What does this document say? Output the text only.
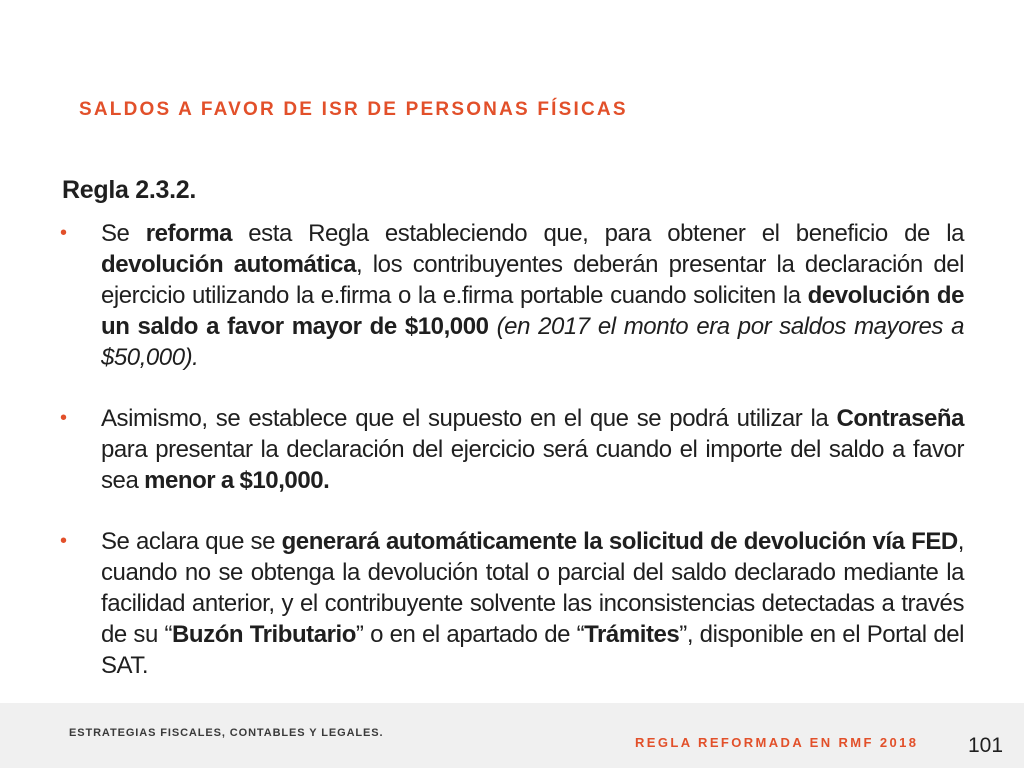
SALDOS A FAVOR DE ISR DE PERSONAS FÍSICAS
Regla 2.3.2.
• Se reforma esta Regla estableciendo que, para obtener el beneficio de la devolución automática, los contribuyentes deberán presentar la declaración del ejercicio utilizando la e.firma o la e.firma portable cuando soliciten la devolución de un saldo a favor mayor de $10,000 (en 2017 el monto era por saldos mayores a $50,000).
• Asimismo, se establece que el supuesto en el que se podrá utilizar la Contraseña para presentar la declaración del ejercicio será cuando el importe del saldo a favor sea menor a $10,000.
• Se aclara que se generará automáticamente la solicitud de devolución vía FED, cuando no se obtenga la devolución total o parcial del saldo declarado mediante la facilidad anterior, y el contribuyente solvente las inconsistencias detectadas a través de su “Buzón Tributario” o en el apartado de “Trámites”, disponible en el Portal del SAT.
ESTRATEGIAS FISCALES, CONTABLES Y LEGALES.
REGLA REFORMADA EN RMF 2018 101
